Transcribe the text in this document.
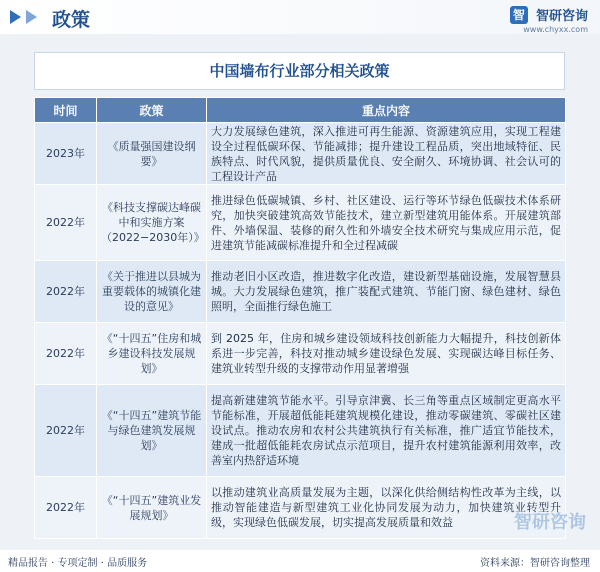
政策	智 智研咨询
www.chyxx.com
中国墙布行业部分相关政策
时间	政策	重点内容
2023年	《质量强国建设纲要》	大力发展绿色建筑，深入推进可再生能源、资源建筑应用，实现工程建设全过程低碳环保、节能减排；提升建设工程品质，突出地域特征、民族特点、时代风貌，提供质量优良、安全耐久、环境协调、社会认可的工程设计产品
2022年	《科技支撑碳达峰碳中和实施方案（2022−2030年）》	推进绿色低碳城镇、乡村、社区建设、运行等环节绿色低碳技术体系研究，加快突破建筑高效节能技术，建立新型建筑用能体系。开展建筑部件、外墙保温、装修的耐久性和外墙安全技术研究与集成应用示范，促进建筑节能减碳标准提升和全过程减碳
2022年	《关于推进以县城为重要载体的城镇化建设的意见》	推动老旧小区改造，推进数字化改造，建设新型基础设施，发展智慧县城。大力发展绿色建筑，推广装配式建筑、节能门窗、绿色建材、绿色照明，全面推行绿色施工
2022年	《“十四五”住房和城乡建设科技发展规划》	到 2025 年，住房和城乡建设领域科技创新能力大幅提升，科技创新体系进一步完善，科技对推动城乡建设绿色发展、实现碳达峰目标任务、建筑业转型升级的支撑带动作用显著增强
2022年	《“十四五”建筑节能与绿色建筑发展规划》	提高新建建筑节能水平。引导京津冀、长三角等重点区域制定更高水平节能标准，开展超低能耗建筑规模化建设，推动零碳建筑、零碳社区建设试点。推动农房和农村公共建筑执行有关标准，推广适宜节能技术，建成一批超低能耗农房试点示范项目，提升农村建筑能源利用效率，改善室内热舒适环境
2022年	《“十四五”建筑业发展规划》	以推动建筑业高质量发展为主题，以深化供给侧结构性改革为主线，以推动智能建造与新型建筑工业化协同发展为动力，加快建筑业转型升级，实现绿色低碳发展，切实提高发展质量和效益	智研咨询
精品报告 · 专项定制 · 品质服务	资料来源：智研咨询整理
